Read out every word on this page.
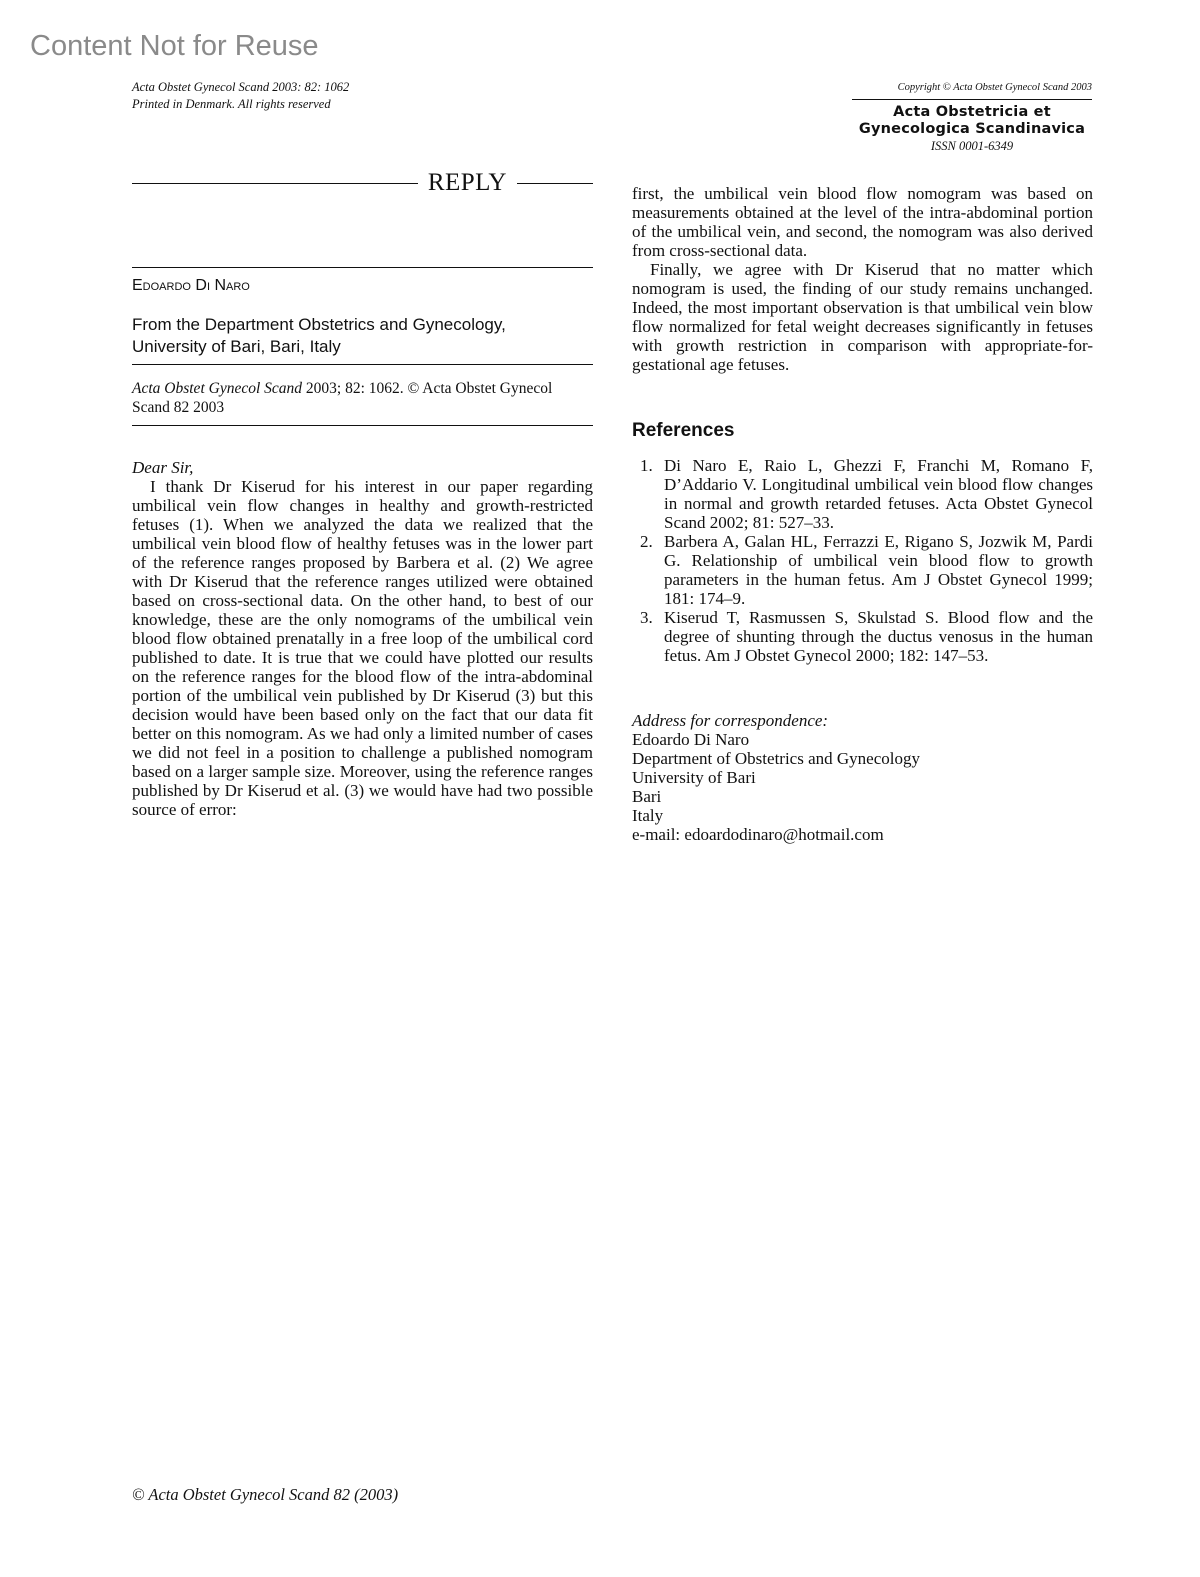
Content Not for Reuse
Acta Obstet Gynecol Scand 2003: 82: 1062
Printed in Denmark. All rights reserved
Copyright © Acta Obstet Gynecol Scand 2003
Acta Obstetricia et
Gynecologica Scandinavica
ISSN 0001-6349
REPLY
Edoardo Di Naro
From the Department Obstetrics and Gynecology,
University of Bari, Bari, Italy
Acta Obstet Gynecol Scand 2003; 82: 1062. © Acta Obstet Gynecol Scand 82 2003
Dear Sir,

I thank Dr Kiserud for his interest in our paper regarding umbilical vein flow changes in healthy and growth-restricted fetuses (1). When we analyzed the data we realized that the umbilical vein blood flow of healthy fetuses was in the lower part of the reference ranges proposed by Barbera et al. (2) We agree with Dr Kiserud that the reference ranges utilized were obtained based on cross-sectional data. On the other hand, to best of our knowledge, these are the only nomograms of the umbilical vein blood flow obtained prenatally in a free loop of the umbilical cord published to date. It is true that we could have plotted our results on the reference ranges for the blood flow of the intra-abdominal portion of the umbilical vein published by Dr Kiserud (3) but this decision would have been based only on the fact that our data fit better on this nomogram. As we had only a limited number of cases we did not feel in a position to challenge a published nomogram based on a larger sample size. Moreover, using the reference ranges published by Dr Kiserud et al. (3) we would have had two possible source of error:

first, the umbilical vein blood flow nomogram was based on measurements obtained at the level of the intra-abdominal portion of the umbilical vein, and second, the nomogram was also derived from cross-sectional data.

Finally, we agree with Dr Kiserud that no matter which nomogram is used, the finding of our study remains unchanged. Indeed, the most important observation is that umbilical vein blow flow normalized for fetal weight decreases significantly in fetuses with growth restriction in comparison with appropriate-for-gestational age fetuses.

References
1. Di Naro E, Raio L, Ghezzi F, Franchi M, Romano F, D’Addario V. Longitudinal umbilical vein blood flow changes in normal and growth retarded fetuses. Acta Obstet Gynecol Scand 2002; 81: 527–33.
2. Barbera A, Galan HL, Ferrazzi E, Rigano S, Jozwik M, Pardi G. Relationship of umbilical vein blood flow to growth parameters in the human fetus. Am J Obstet Gynecol 1999; 181: 174–9.
3. Kiserud T, Rasmussen S, Skulstad S. Blood flow and the degree of shunting through the ductus venosus in the human fetus. Am J Obstet Gynecol 2000; 182: 147–53.
Address for correspondence:
Edoardo Di Naro
Department of Obstetrics and Gynecology
University of Bari
Bari
Italy
e-mail: edoardodinaro@hotmail.com
© Acta Obstet Gynecol Scand 82 (2003)
